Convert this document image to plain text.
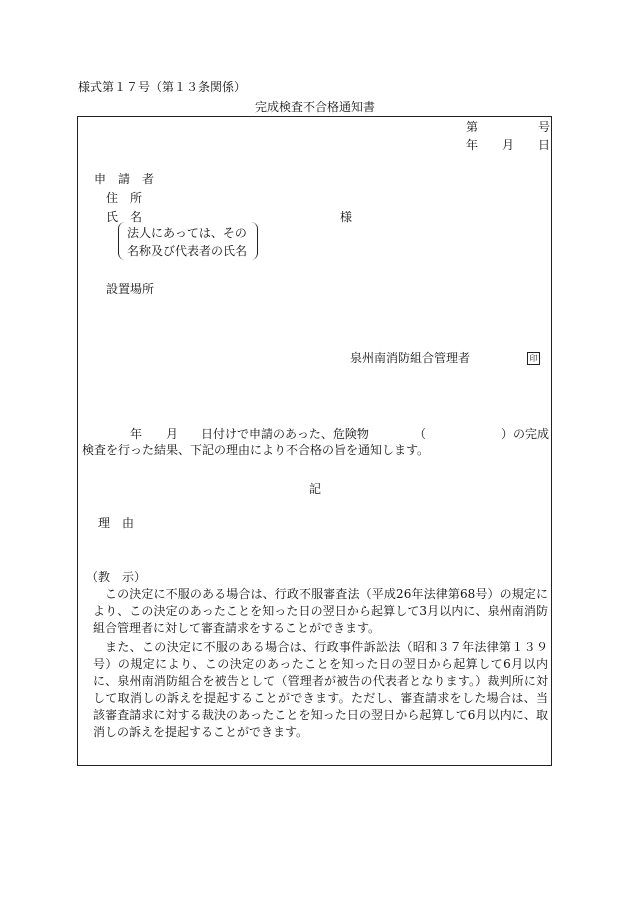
様式第１７号（第１３条関係）
完成検査不合格通知書
第	号
年 月 日
申　請　者
住　所
氏　名	様
法人にあっては、その
名称及び代表者の氏名
設置場所
泉州南消防組合管理者	印
年 月 日付けで申請のあった、危険物	（	）の完成
検査を行った結果、下記の理由により不合格の旨を通知します。
記
理　由
（教　示）
この決定に不服のある場合は、行政不服審査法（平成26年法律第68号）の規定により、この決定のあったことを知った日の翌日から起算して3月以内に、泉州南消防組合管理者に対して審査請求をすることができます。
また、この決定に不服のある場合は、行政事件訴訟法（昭和３７年法律第１３９号）の規定により、この決定のあったことを知った日の翌日から起算して6月以内に、泉州南消防組合を被告として（管理者が被告の代表者となります。）裁判所に対して取消しの訴えを提起することができます。ただし、審査請求をした場合は、当該審査請求に対する裁決のあったことを知った日の翌日から起算して6月以内に、取消しの訴えを提起することができます。
